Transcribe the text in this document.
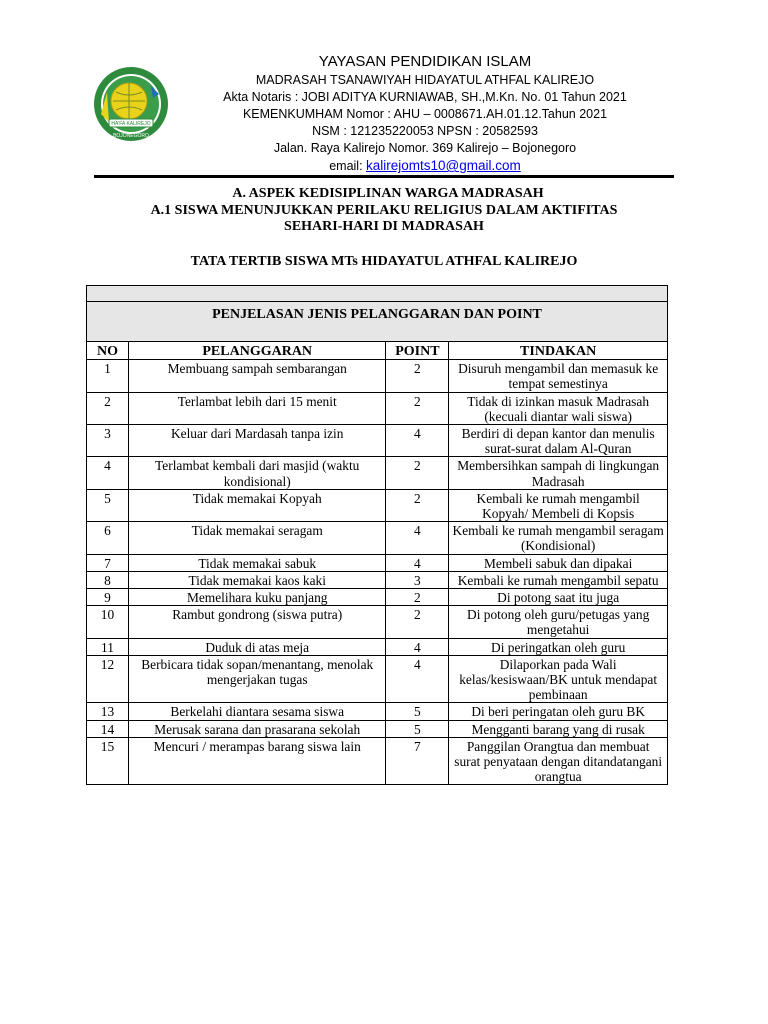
HA'FA KALIREJO
BOJONEGORO
YAYASAN PENDIDIKAN ISLAM
MADRASAH TSANAWIYAH HIDAYATUL ATHFAL KALIREJO
Akta Notaris : JOBI ADITYA KURNIAWAB, SH.,M.Kn. No. 01 Tahun 2021
KEMENKUMHAM Nomor : AHU – 0008671.AH.01.12.Tahun 2021
NSM : 121235220053 NPSN : 20582593
Jalan. Raya Kalirejo Nomor. 369 Kalirejo – Bojonegoro
email: kalirejomts10@gmail.com
A. ASPEK KEDISIPLINAN WARGA MADRASAH
A.1 SISWA MENUNJUKKAN PERILAKU RELIGIUS DALAM AKTIFITAS
SEHARI-HARI DI MADRASAH
TATA TERTIB SISWA MTs HIDAYATUL ATHFAL KALIREJO

PENJELASAN JENIS PELANGGARAN DAN POINT			
NO	PELANGGARAN	POINT	TINDAKAN
1	Membuang sampah sembarangan	2	Disuruh mengambil dan memasuk ke tempat semestinya
2	Terlambat lebih dari 15 menit	2	Tidak di izinkan masuk Madrasah (kecuali diantar wali siswa)
3	Keluar dari Mardasah tanpa izin	4	Berdiri di depan kantor dan menulis surat-surat dalam Al-Quran
4	Terlambat kembali dari masjid (waktu kondisional)	2	Membersihkan sampah di lingkungan Madrasah
5	Tidak memakai Kopyah	2	Kembali ke rumah mengambil Kopyah/ Membeli di Kopsis
6	Tidak memakai seragam	4	Kembali ke rumah mengambil seragam (Kondisional)
7	Tidak memakai sabuk	4	Membeli sabuk dan dipakai
8	Tidak memakai kaos kaki	3	Kembali ke rumah mengambil sepatu
9	Memelihara kuku panjang	2	Di potong saat itu juga
10	Rambut gondrong (siswa putra)	2	Di potong oleh guru/petugas yang mengetahui
11	Duduk di atas meja	4	Di peringatkan oleh guru
12	Berbicara tidak sopan/menantang, menolak mengerjakan tugas	4	Dilaporkan pada Wali kelas/kesiswaan/BK untuk mendapat pembinaan
13	Berkelahi diantara sesama siswa	5	Di beri peringatan oleh guru BK
14	Merusak sarana dan prasarana sekolah	5	Mengganti barang yang di rusak
15	Mencuri / merampas barang siswa lain	7	Panggilan Orangtua dan membuat surat penyataan dengan ditandatangani orangtua
